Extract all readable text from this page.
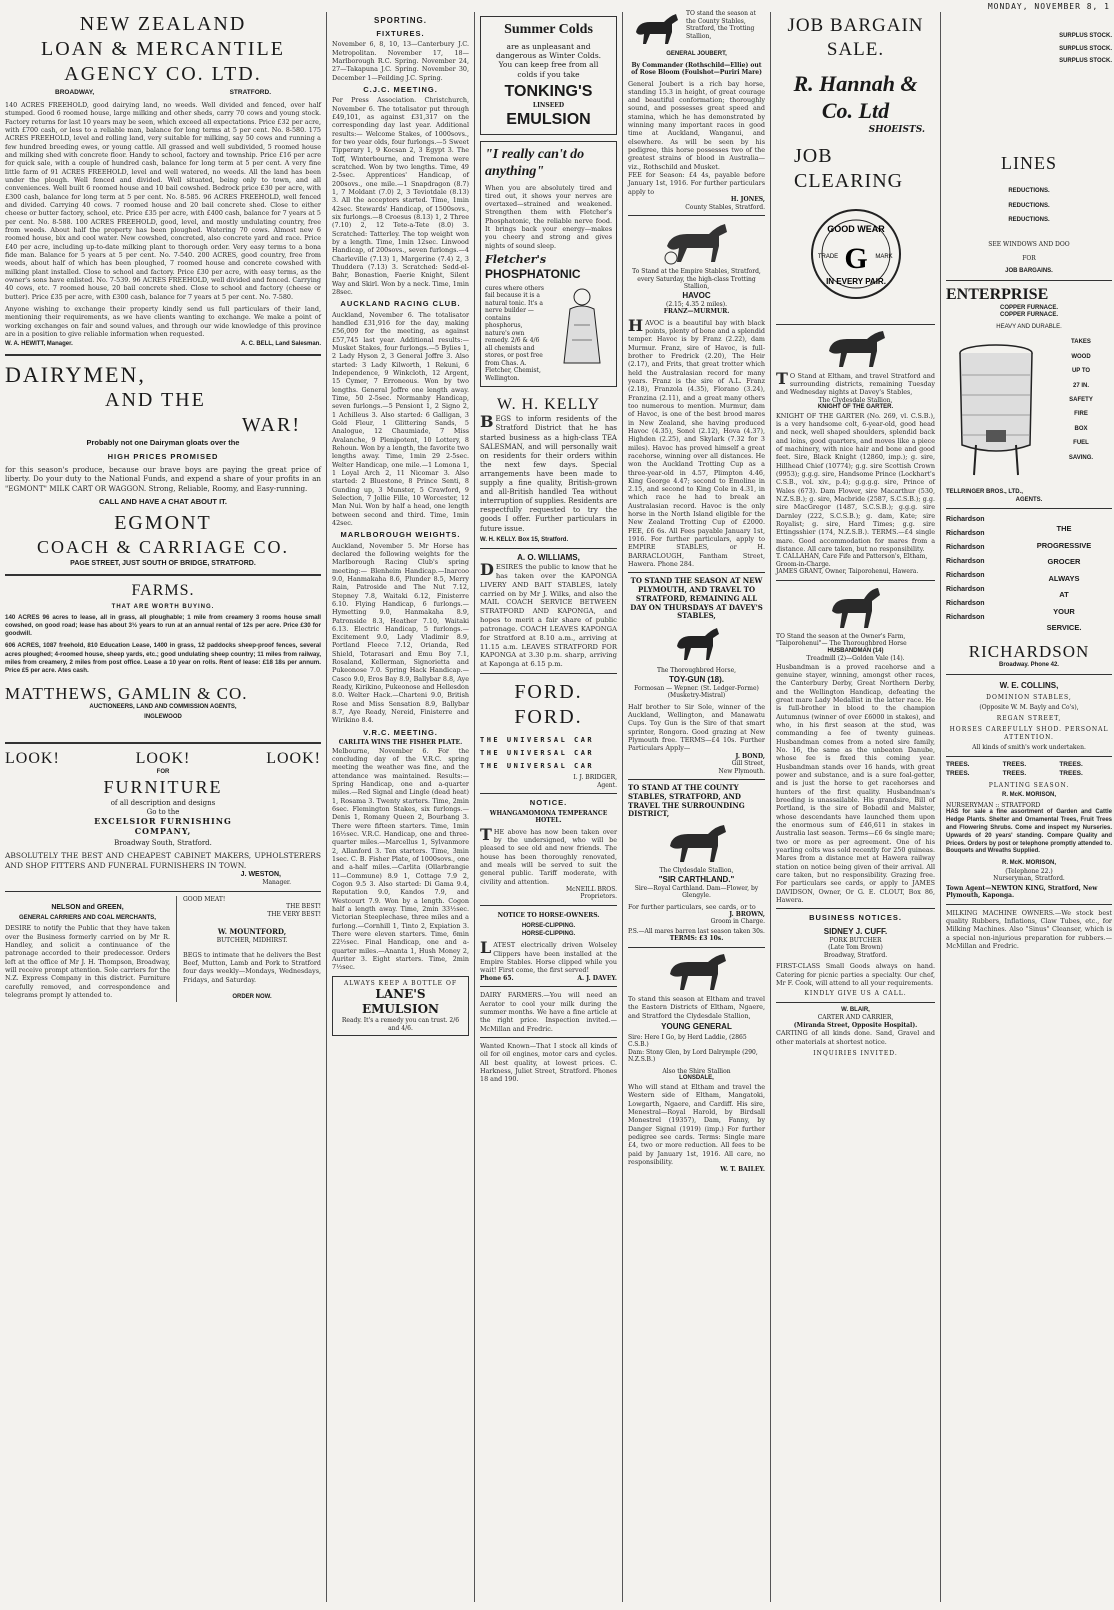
MONDAY, NOVEMBER 8, 1
NEW ZEALAND
LOAN & MERCANTILE
AGENCY CO. LTD.
BROADWAY,	STRATFORD.
140 ACRES FREEHOLD, good dairying land, no weeds. Well divided and fenced, over half stumped. Good 6 roomed house, large milking and other sheds, carry 70 cows and young stock. Factory returns for last 10 years may be seen, which exceed all expectations. Price £32 per acre, with £700 cash, or less to a reliable man, balance for long terms at 5 per cent. No. 8-580. 175 ACRES FREEHOLD, level and rolling land, very suitable for milking, say 50 cows and running a few hundred breeding ewes, or young cattle. All grassed and well subdivided, 5 roomed house and milking shed with concrete floor. Handy to school, factory and township. Price £16 per acre for quick sale, with a couple of hundred cash, balance for long term at 5 per cent. A very fine little farm of 91 ACRES FREEHOLD, level and well watered, no weeds. All the land has been under the plough. Well fenced and divided. Well situated, being only to town, and all conveniences. Well built 6 roomed house and 10 bail cowshed. Bedrock price £30 per acre, with £300 cash, balance for long term at 5 per cent. No. 8-585. 96 ACRES FREEHOLD, well fenced and divided. Carrying 40 cows. 7 roomed house and 20 bail concrete shed. Close to either cheese or butter factory, school, etc. Price £35 per acre, with £400 cash, balance for 7 years at 5 per cent. No. 8-588. 100 ACRES FREEHOLD, good, level, and mostly undulating country, free from weeds. About half the property has been ploughed. Watering 70 cows. Almost new 6 roomed house, bix and cool water. New cowshed, concreted, also concrete yard and race. Price £40 per acre, including up-to-date milking plant to thorough order. Very easy terms to a bona fide man. Balance for 5 years at 5 per cent. No. 7-540. 200 ACRES, good country, free from weeds, about half of which has been ploughed, 7 roomed house and concrete cowshed with milking plant installed. Close to school and factory. Price £30 per acre, with easy terms, as the owner's sons have enlisted. No. 7-539. 96 ACRES FREEHOLD, well divided and fenced. Carrying 40 cows, etc. 7 roomed house, 20 bail concrete shed. Close to school and factory (cheese or butter). Price £35 per acre, with £300 cash, balance for 7 years at 5 per cent. No. 7-580.
Anyone wishing to exchange their property kindly send us full particulars of their land, mentioning their requirements, as we have clients wanting to exchange. We make a point of working exchanges on fair and sound values, and through our wide knowledge of this province are in a position to give reliable information when requested.
W. A. HEWITT, Manager.	A. C. BELL, Land Salesman.
DAIRYMEN,
AND THE
WAR!
Probably not one Dairyman gloats over the
HIGH PRICES PROMISED
for this season's produce, because our brave boys are paying the great price of liberty. Do your duty to the National Funds, and expend a share of your profits in an "EGMONT" MILK CART OR WAGGON. Strong, Reliable, Roomy, and Easy-running.
CALL AND HAVE A CHAT ABOUT IT.
EGMONT
COACH & CARRIAGE CO.
PAGE STREET, JUST SOUTH OF BRIDGE, STRATFORD.
FARMS.
THAT ARE WORTH BUYING.
140 ACRES 96 acres to lease, all in grass, all ploughable; 1 mile from creamery 3 rooms house small cowshed, on good road; lease has about 3½ years to run at an annual rental of 12s per acre. Price £30 for goodwill.
606 ACRES, 1087 freehold, 810 Education Lease, 1400 in grass, 12 paddocks sheep-proof fences, several acres ploughed; 4-roomed house, sheep yards, etc.; good undulating sheep country; 11 miles from railway, miles from creamery, 2 miles from post office. Lease a 10 year on rolls. Rent of lease: £18 18s per annum. Price £5 per acre. Ates cash.
MATTHEWS, GAMLIN & CO.
AUCTIONEERS, LAND AND COMMISSION AGENTS,
INGLEWOOD
LOOK!	LOOK!	LOOK!
FOR
FURNITURE
of all description and designs
Go to the
EXCELSIOR FURNISHING
COMPANY,
Broadway South, Stratford.
ABSOLUTELY THE BEST AND CHEAPEST CABINET MAKERS, UPHOLSTERERS AND SHOP FITTERS AND FUNERAL FURNISHERS IN TOWN.
J. WESTON,
Manager.
NELSON and GREEN,
GENERAL CARRIERS AND COAL MERCHANTS,
DESIRE to notify the Public that they have taken over the Business formerly carried on by Mr R. Handley, and solicit a continuance of the patronage accorded to their predecessor. Orders left at the office of Mr J. H. Thompson, Broadway, will receive prompt attention. Sole carriers for the N.Z. Express Company in this district. Furniture carefully removed, and correspondence and telegrams prompt ly attended to.
GOOD MEAT!
THE BEST!
THE VERY BEST!
W. MOUNTFORD,
BUTCHER, MIDHIRST.
BEGS to intimate that he delivers the Best Beef, Mutton, Lamb and Pork to Stratford four days weekly—Mondays, Wednesdays, Fridays, and Saturday.
ORDER NOW.
SPORTING.
FIXTURES.
November 6, 8, 10, 13—Canterbury J.C. Metropolitan. November 17, 18—Marlborough R.C. Spring. November 24, 27—Takapuna J.C. Spring. November 30, December 1—Feilding J.C. Spring.
C.J.C. MEETING.
Per Press Association. Christchurch, November 6. The totalisator put through £49,101, as against £31,317 on the corresponding day last year. Additional results:— Welcome Stakes, of 1000sovs., for two year olds, four furlongs.—5 Sweet Tipperary 1, 9 Kocsan 2, 3 Egypt 3. The Toff, Winterbourne, and Tremona were scratched. Won by two lengths. Time, 49 2-5sec. Apprentices' Handicap, of 200sovs., one mile.—1 Snapdragon (8.7) 1, 7 Moldant (7.0) 2, 3 Teviotdale (8.13) 3. All the acceptors started. Time, 1min 42sec. Stewards' Handicap, of 1500sovs., six furlongs.—8 Croesus (8.13) 1, 2 Three (7.10) 2, 12 Tete-a-Tete (8.0) 3. Scratched: Tatterley. The top weight won by a length. Time, 1min 12sec. Linwood Handicap, of 200sovs., seven furlongs.—4 Charleville (7.13) 1, Margerine (7.4) 2, 3 Thuddera (7.13) 3. Scratched: Sedd-el-Bahr, Bonastion, Faerie Knight, Silent Way and Skirl. Won by a neck. Time, 1min 28sec.
AUCKLAND RACING CLUB.
Auckland, November 6. The totalisator handled £31,916 for the day, making £56,009 for the meeting, as against £57,745 last year. Additional results:— Musket Stakes, four furlongs.—5 Bylies 1, 2 Lady Hyson 2, 3 General Joffre 3. Also started: 3 Lady Kilworth, 1 Rekuni, 6 Independence, 9 Winkcloth, 12 Argent, 15 Cymer, 7 Erroneous. Won by two lengths. General Joffre one length away. Time, 50 2-5sec. Normanby Handicap, seven furlongs.—5 Pensiont 1, 2 Signo 2, 1 Achilleus 3. Also started: 6 Galligan, 3 Gold Fleur, 1 Glittering Sands, 5 Analogue, 12 Chaumiade, 7 Miss Avalanche, 9 Plenipotent, 10 Lottery, 8 Rehoun. Won by a length, the favorite two lengths away. Time, 1min 29 2-5sec. Welter Handicap, one mile.—1 Lomona 1, 1 Loyal Arch 2, 11 Nicomar 3. Also started: 2 Bluestone, 8 Prince Senti, 8 Gunding up, 3 Munster, 5 Crawford, 9 Selection, 7 Jollie Fille, 10 Worcester, 12 Man Nui. Won by half a head, one length between second and third. Time, 1min 42sec.
MARLBOROUGH WEIGHTS.
Auckland, November 5. Mr Horse has declared the following weights for the Marlborough Racing Club's spring meeting:— Blenheim Handicap.—Inarcoo 9.0, Hanmakaha 8.6, Plunder 8.5, Merry Rain, Patroside and The Nut 7.12, Stepney 7.8, Waitaki 6.12, Finisterre 6.10. Flying Handicap, 6 furlongs.—Hymetting 9.0, Hanmakaha 8.9, Patronside 8.3, Heather 7.10, Waitaki 6.13. Electric Handicap, 5 furlongs.—Excitement 9.0, Lady Vladimir 8.9, Portland Fleece 7.12, Orianda, Red Shield, Totarasari and Emu Boy 7.1, Rosaland, Kellerman, Signorietta and Pukeonose 7.0. Spring Hack Handicap.—Casco 9.0, Eros Bay 8.9, Ballybar 8.8, Aye Ready, Kirikino, Pukeonose and Hellesdon 8.0. Welter Hack.—Charteni 9.0, British Rose and Miss Sensation 8.9, Ballybar 8.7, Aye Ready, Nereid, Finisterre and Wirikino 8.4.
V.R.C. MEETING.
CARLITA WINS THE FISHER PLATE.
Melbourne, November 6. For the concluding day of the V.R.C. spring meeting the weather was fine, and the attendance was maintained. Results:— Spring Handicap, one and a-quarter miles.—Red Signal and Lingle (dead heat) 1, Rosama 3. Twenty starters. Time, 2min 6sec. Flemington Stakes, six furlongs.—Denis 1, Romany Queen 2, Bourbang 3. There were fifteen starters. Time, 1min 16½sec. V.R.C. Handicap, one and three-quarter miles.—Marcellus 1, Sylvanmore 2, Allanford 3. Ten starters. Time, 3min 1sec. C. B. Fisher Plate, of 1000sovs., one and a-half miles.—Carlita (Ollarbrangie 11—Commune) 8.9 1, Cottage 7.9 2, Cogon 9.5 3. Also started: Di Gama 9.4, Reputation 9.0, Kandos 7.9, and Westcourt 7.9. Won by a length. Cogon half a length away. Time, 2min 33½sec. Victorian Steeplechase, three miles and a furlong.—Cornhill 1, Tinto 2, Expiation 3. There were eleven starters. Time, 6min 22½sec. Final Handicap, one and a-quarter miles.—Ananta 1, Hush Money 2, Auriter 3. Eight starters. Time, 2min 7½sec.
ALWAYS KEEP A BOTTLE OF
LANE'S EMULSION
Ready. It's a remedy you can trust. 2/6 and 4/6.
Summer Colds
are as unpleasant and dangerous as Winter Colds. You can keep free from all colds if you take
TONKING'S
LINSEED
EMULSION
"I really can't do anything"
When you are absolutely tired and tired out, it shows your nerves are overtaxed—strained and weakened. Strengthen them with Fletcher's Phosphatonic, the reliable nerve food. It brings back your energy—makes you cheery and strong and gives nights of sound sleep.
Fletcher's
PHOSPHATONIC
cures where others fail because it is a natural tonic. It's a nerve builder — contains phosphorus, nature's own remedy. 2/6 & 4/6 all chemists and stores, or post free from Chas. A. Fletcher, Chemist, Wellington.
W. H. KELLY
BEGS to inform residents of the Stratford District that he has started business as a high-class TEA SALESMAN, and will personally wait on residents for their orders within the next few days. Special arrangements have been made to supply a fine quality, British-grown and all-British handled Tea without interruption of supplies. Residents are respectfully requested to try the goods I offer. Further particulars in future issue.
W. H. KELLY. Box 15, Stratford.
A. O. WILLIAMS,
DESIRES the public to know that he has taken over the KAPONGA LIVERY AND BAIT STABLES, lately carried on by Mr J. Wilks, and also the MAIL COACH SERVICE BETWEEN STRATFORD AND KAPONGA, and hopes to merit a fair share of public patronage. COACH LEAVES KAPONGA for Stratford at 8.10 a.m., arriving at 11.15 a.m. LEAVES STRATFORD FOR KAPONGA at 3.30 p.m. sharp, arriving at Kaponga at 6.15 p.m.
FORD.
FORD.
THE UNIVERSAL CAR
THE UNIVERSAL CAR
THE UNIVERSAL CAR
I. J. BRIDGER,
Agent.
NOTICE.
WHANGAMOMONA TEMPERANCE HOTEL.
THE above has now been taken over by the undersigned, who will be pleased to see old and new friends. The house has been thoroughly renovated, and meals will be served to suit the general public. Tariff moderate, with civility and attention.
McNEILL BROS.
Proprietors.
NOTICE TO HORSE-OWNERS.
HORSE-CLIPPING.
HORSE-CLIPPING.
LATEST electrically driven Wolseley Clippers have been installed at the Empire Stables. Horse clipped while you wait! First come, the first served!
Phone 65.	A. J. DAVEY.
DAIRY FARMERS.—You will need an Aerator to cool your milk during the summer months. We have a fine article at the right price. Inspection invited.—McMillan and Fredric.
Wanted Known—That I stock all kinds of oil for oil engines, motor cars and cycles. All best quality, at lowest prices. C. Harkness, Juliet Street, Stratford. Phones 18 and 190.
TO stand the season at the County Stables, Stratford, the Trotting Stallion,
GENERAL JOUBERT,
By Commander (Rothschild—Ellie) out of Rose Bloom (Foulshot—Puriri Mare)
General Joubert is a rich bay horse, standing 15.3 in height, of great courage and beautiful conformation; thoroughly sound, and possesses great speed and stamina, which he has demonstrated by winning many important races in good time at Auckland, Wanganui, and elsewhere. As will be seen by his pedigree, this horse possesses two of the greatest strains of blood in Australia—viz., Rothschild and Musket.
FEE for Season: £4 4s, payable before January 1st, 1916. For further particulars apply to
H. JONES,
County Stables, Stratford.
To Stand at the Empire Stables, Stratford, every Saturday, the high-class Trotting Stallion,
HAVOC
(2.15; 4.35 2 miles).
FRANZ—MURMUR.
HAVOC is a beautiful bay with black points, plenty of bone and a splendid temper. Havoc is by Franz (2.22), dam Murmur. Franz, sire of Havoc, is full-brother to Fredrick (2.20), The Heir (2.17), and Frits, that great trotter which held the Australasian record for many years. Franz is the sire of A.L. Franz (2.18), Franzola (4.35), Florano (3.24), Franzina (2.11), and a great many others too numerous to mention. Murmur, dam of Havoc, is one of the best brood mares in New Zealand, she having produced Havoc (4.35), Sonol (2.12), Hova (4.37), Highden (2.25), and Skylark (7.32 for 3 miles). Havoc has proved himself a great racehorse, winning over all distances. He won the Auckland Trotting Cup as a three-year-old in 4.57, Plimpton 4.46, King George 4.47; second to Emoline in 2.15, and second to King Cole in 4.31, in which race he had to break an Australasian record. Havoc is the only horse in the North Island eligible for the New Zealand Trotting Cup of £2000. FEE, £6 6s. All Fees payable January 1st, 1916. For further particulars, apply to EMPIRE STABLES, or H. BARRACLOUGH, Fantham Street, Hawera. Phone 284.
TO STAND THE SEASON AT NEW PLYMOUTH, AND TRAVEL TO STRATFORD, REMAINING ALL DAY ON THURSDAYS AT DAVEY'S STABLES,
The Thoroughbred Horse,
TOY-GUN (18).
Formosan — Wepner. (St. Ledger-Forme) (Musketry-Mistral)
Half brother to Sir Sole, winner of the Auckland, Wellington, and Manawatu Cups. Toy Gun is the Sire of that smart sprinter, Rongora. Good grazing at New Plymouth free. TERMS—£4 10s. Further Particulars Apply—
J. BOND,
Gill Street,
New Plymouth.
TO STAND AT THE COUNTY STABLES, STRATFORD, AND TRAVEL THE SURROUNDING DISTRICT,
The Clydesdale Stallion,
"SIR CARTHLAND."
Sire—Royal Carthland. Dam—Flower, by Glengyle.
For further particulars, see cards, or to
J. BROWN,
Groom in Charge.
P.S.—All mares barren last season taken 30s.
TERMS: £3 10s.
To stand this season at Eltham and travel the Eastern Districts of Eltham, Ngaere, and Stratford the Clydesdale Stallion,
YOUNG GENERAL
Sire: Here I Go, by Herd Laddie, (2865 C.S.B.)
Dam: Stony Glen, by Lord Dalrymple (290, N.Z.S.B.)
Also the Shire Stallion
LONSDALE,
Who will stand at Eltham and travel the Western side of Eltham, Mangatoki, Lowgarth, Ngaere, and Cardiff. His sire, Menestral—Royal Harold, by Birdsall Monestrel (19357), Dam, Fanny, by Danger Signal (1919) (imp.) For further pedigree see cards. Terms: Single mare £4, two or more reduction. All fees to be paid by January 1st, 1916. All care, no responsibility.
W. T. BAILEY.
JOB BARGAIN
SALE.
R. Hannah & Co. Ltd
SHOEISTS.
JOB
CLEARING
GOOD WEAR
G
TRADE	MARK
IN EVERY PAIR.
TO Stand at Eltham, and travel Stratford and surrounding districts, remaining Tuesday and Wednesday nights at Davey's Stables,
The Clydesdale Stallion,
KNIGHT OF THE GARTER.
KNIGHT OF THE GARTER (No. 269, vl. C.S.B.), is a very handsome colt, 6-year-old, good head and neck, well shaped shoulders, splendid back and loins, good quarters, and moves like a piece of machinery, with nice hair and bone and good feet. Sire, Black Knight (12860, imp.); g. sire, Hillhead Chief (10774); g.g. sire Scottish Crown (9953); g.g.g. sire, Handsome Prince (Lockhart's C.S.B., vol. xiv., p.4); g.g.g.g. sire, Prince of Wales (673). Dam Flower, sire Macarthur (530, N.Z.S.B.); g. sire, Macbride (2587, S.C.S.B.); g.g. sire MacGregor (1487, S.C.S.B.); g.g.g. sire Darnley (222, S.C.S.B.); g. dam, Kate; sire Royalist; g. sire, Hard Times; g.g. sire Ettingsshier (174, N.Z.S.B.). TERMS.—£4 single mare. Good accommodation for mares from a distance. All care taken, but no responsibility.
T. CALLAHAN, Care Fife and Patterson's, Eltham, Groom-in-Charge.
JAMES GRANT, Owner, Taiporohenui, Hawera.
TO Stand the season at the Owner's Farm, "Taiporohenui"— The Thoroughbred Horse
HUSBANDMAN (14)
Treadmill (2)—Golden Vale (14).
Husbandman is a proved racehorse and a genuine stayer, winning, amongst other races, the Canterbury Derby, Great Northern Derby, and the Wellington Handicap, defeating the great mare Lady Medallist in the latter race. He is full-brother in blood to the champion Autumnus (winner of over £6000 in stakes), and who, in his first season at the stud, was commanding a fee of twenty guineas. Husbandman comes from a noted sire family, No. 16, the same as the unbeaten Danube, whose fee is fixed this coming year. Husbandman stands over 16 hands, with great power and substance, and is a sure foal-getter, and is just the horse to get racehorses and hunters of the first quality. Husbandman's breeding is unassailable. His grandsire, Bill of Portland, is the sire of Bobadil and Malster, whose descendants have launched them upon the enormous sum of £46,611 in stakes in Australia last season. Terms—£6 6s single mare; two or more as per agreement. One of his yearling colts was sold recently for 250 guineas. Mares from a distance met at Hawera railway station on notice being given of their arrival. All care taken, but no responsibility. Grazing free. For particulars see cards, or apply to JAMES DAVIDSON, Owner, Or G. E. CLOUT, Box 86, Hawera.
BUSINESS NOTICES.
SIDNEY J. CUFF.
PORK BUTCHER
(Late Tom Brown)
Broadway, Stratford.
FIRST-CLASS Small Goods always on hand. Catering for picnic parties a specialty. Our chef, Mr F. Cook, will attend to all your requirements.
KINDLY GIVE US A CALL.
W. BLAIR,
CARTER AND CARRIER,
(Miranda Street, Opposite Hospital).
CARTING of all kinds done. Sand, Gravel and other materials at shortest notice.
INQUIRIES INVITED.
SURPLUS STOCK.
SURPLUS STOCK.
SURPLUS STOCK.
LINES
REDUCTIONS.
REDUCTIONS.
REDUCTIONS.
SEE WINDOWS AND DOO
FOR
JOB BARGAINS.
ENTERPRISE
COPPER FURNACE.
COPPER FURNACE.
HEAVY AND DURABLE.
TAKES
WOOD
UP TO
27 IN.
SAFETY
FIRE
BOX
FUEL
SAVING.
TELLRINGER BROS., LTD.,
AGENTS.
Richardson
Richardson
Richardson
Richardson
Richardson
Richardson
Richardson
Richardson
THE
PROGRESSIVE
GROCER
ALWAYS
AT
YOUR
SERVICE.
RICHARDSON
Broadway. Phone 42.
W. E. COLLINS,
DOMINION STABLES,
(Opposite W. M. Bayly and Co's),
REGAN STREET,
HORSES CAREFULLY SHOD. PERSONAL ATTENTION.
All kinds of smith's work undertaken.
TREES.	TREES.	TREES.
TREES.	TREES.	TREES.
PLANTING SEASON.
R. McK. MORISON,
NURSERYMAN :: STRATFORD
HAS for sale a fine assortment of Garden and Cattle Hedge Plants. Shelter and Ornamental Trees, Fruit Trees and Flowering Shrubs. Come and inspect my Nurseries. Upwards of 20 years' standing. Compare Quality and Prices. Orders by post or telephone promptly attended to. Bouquets and Wreaths Supplied.
R. McK. MORISON,
(Telephone 22.)
Nurseryman, Stratford.
Town Agent—NEWTON KING, Stratford, New Plymouth, Kaponga.
MILKING MACHINE OWNERS.—We stock best quality Rubbers, Inflations, Claw Tubes, etc., for Milking Machines. Also "Sinus" Cleanser, which is a special non-injurious preparation for rubbers.—McMillan and Fredric.
